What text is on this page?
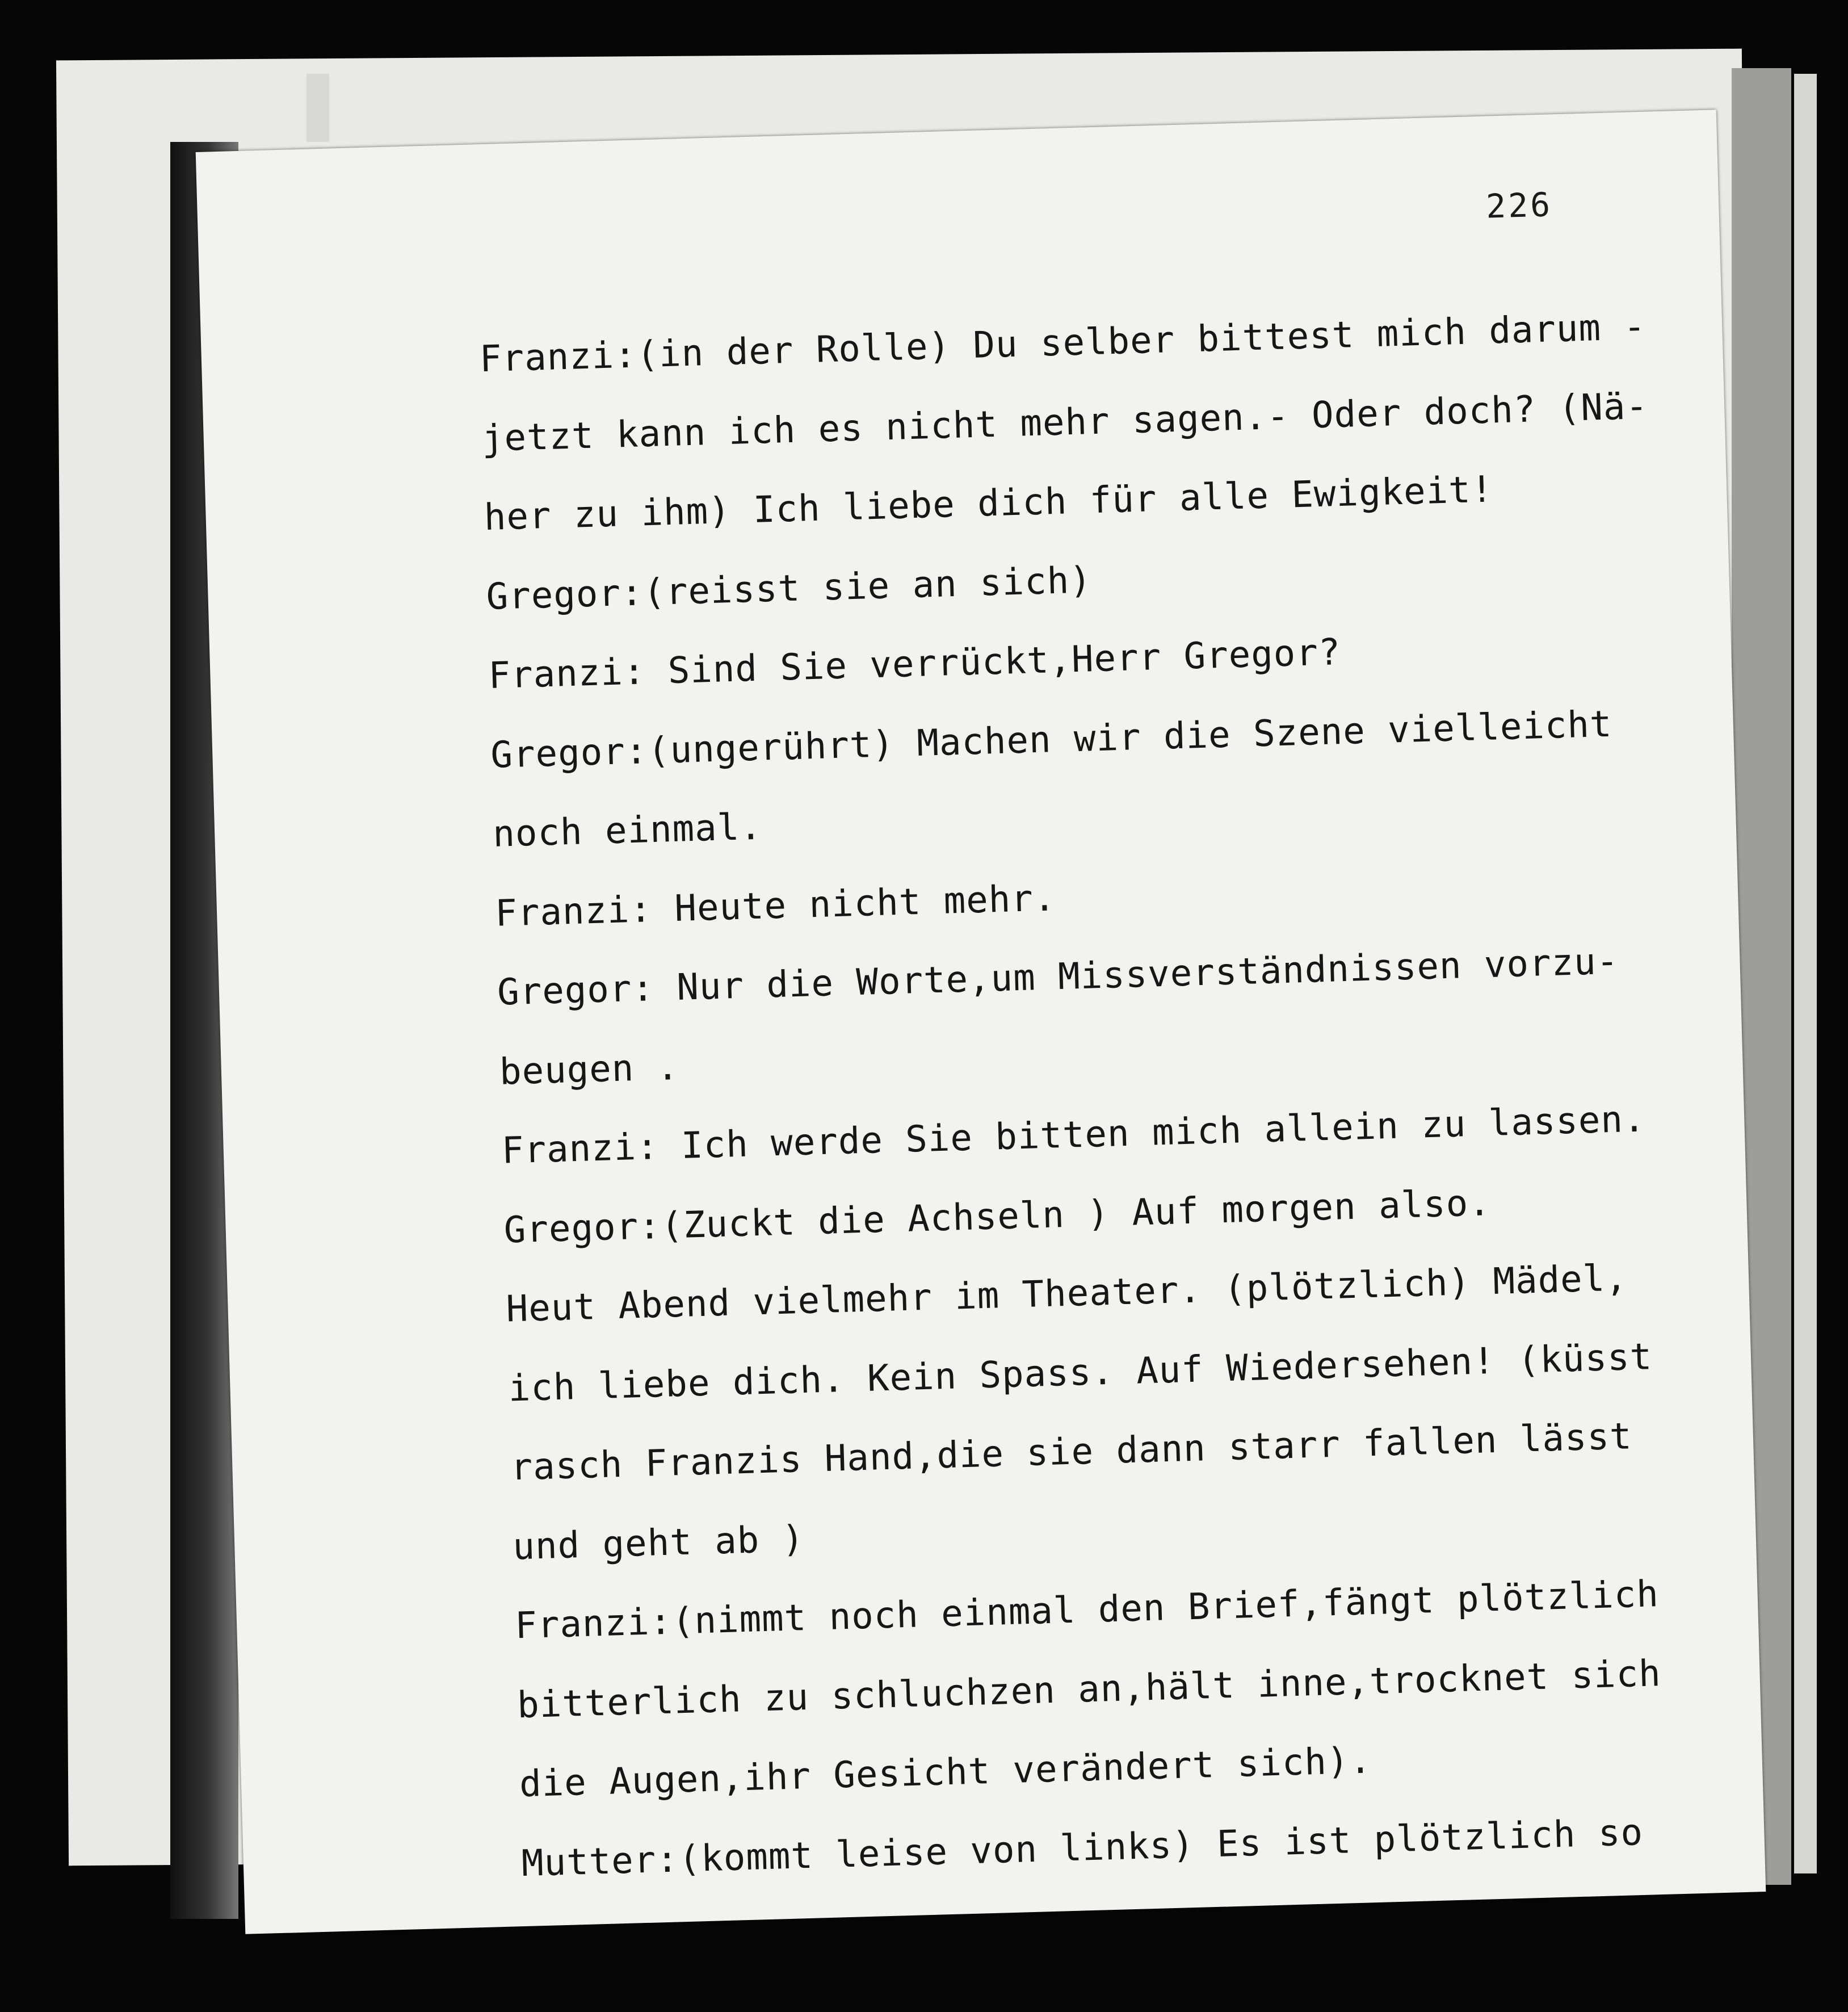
226
Franzi:(in der Rolle) Du selber bittest mich darum -
jetzt kann ich es nicht mehr sagen.- Oder doch? (Nä-
her zu ihm) Ich liebe dich für alle Ewigkeit!
Gregor:(reisst sie an sich)
Franzi: Sind Sie verrückt,Herr Gregor?
Gregor:(ungerührt) Machen wir die Szene vielleicht
noch einmal.
Franzi: Heute nicht mehr.
Gregor: Nur die Worte,um Missverständnissen vorzu-
beugen .
Franzi: Ich werde Sie bitten mich allein zu lassen.
Gregor:(Zuckt die Achseln ) Auf morgen also.
Heut Abend vielmehr im Theater. (plötzlich) Mädel,
ich liebe dich. Kein Spass. Auf Wiedersehen! (küsst
rasch Franzis Hand,die sie dann starr fallen lässt
und geht ab )
Franzi:(nimmt noch einmal den Brief,fängt plötzlich
bitterlich zu schluchzen an,hält inne,trocknet sich
die Augen,ihr Gesicht verändert sich).
Mutter:(kommt leise von links) Es ist plötzlich so
